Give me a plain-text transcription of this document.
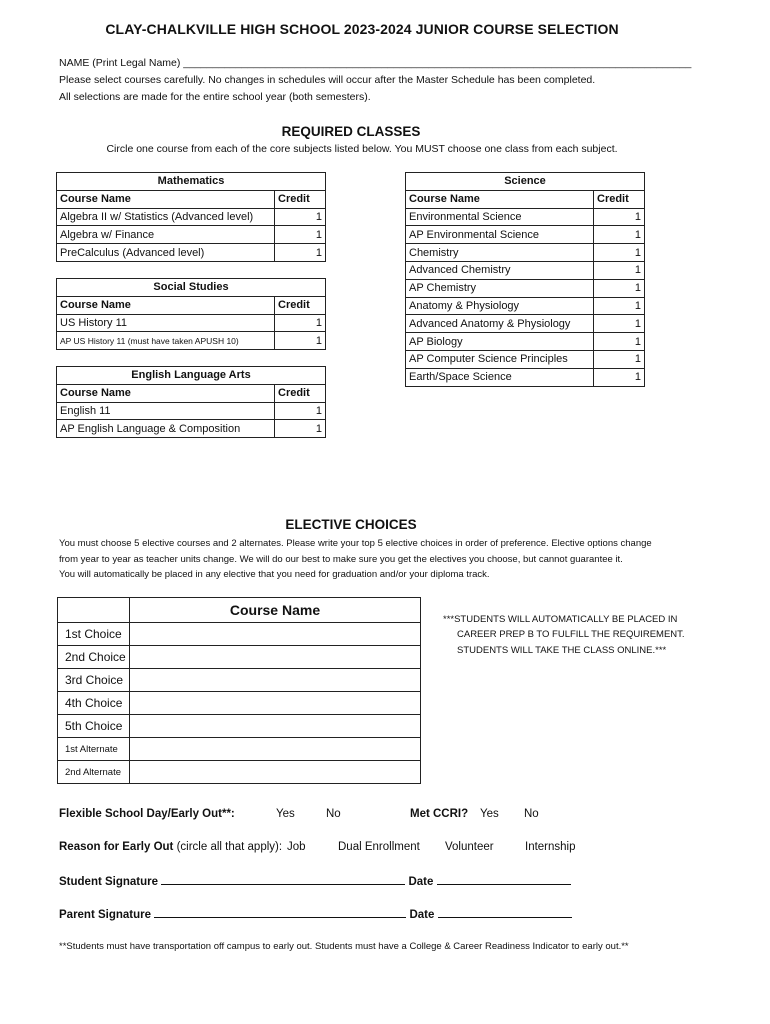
CLAY-CHALKVILLE HIGH SCHOOL 2023-2024 JUNIOR COURSE SELECTION
NAME (Print Legal Name) _______________________________________________________________________________________
Please select courses carefully. No changes in schedules will occur after the Master Schedule has been completed.
All selections are made for the entire school year (both semesters).
REQUIRED CLASSES
Circle one course from each of the core subjects listed below. You MUST choose one class from each subject.
Mathematics	
Course Name	Credit
Algebra II w/ Statistics (Advanced level)	1
Algebra w/ Finance	1
PreCalculus (Advanced level)	1
Social Studies	
Course Name	Credit
US History 11	1
AP US History 11 (must have taken APUSH 10)	1
English Language Arts	
Course Name	Credit
English 11	1
AP English Language & Composition	1
Science	
Course Name	Credit
Environmental Science	1
AP Environmental Science	1
Chemistry	1
Advanced Chemistry	1
AP Chemistry	1
Anatomy & Physiology	1
Advanced Anatomy & Physiology	1
AP Biology	1
AP Computer Science Principles	1
Earth/Space Science	1
ELECTIVE CHOICES
You must choose 5 elective courses and 2 alternates. Please write your top 5 elective choices in order of preference. Elective options change
from year to year as teacher units change. We will do our best to make sure you get the electives you choose, but cannot guarantee it.
You will automatically be placed in any elective that you need for graduation and/or your diploma track.
	Course Name
1st Choice	
2nd Choice	
3rd Choice	
4th Choice	
5th Choice	
1st Alternate	
2nd Alternate	
***STUDENTS WILL AUTOMATICALLY BE PLACED IN
CAREER PREP B TO FULFILL THE REQUIREMENT.
STUDENTS WILL TAKE THE CLASS ONLINE.***
Flexible School Day/Early Out**:	Yes	No	Met CCRI? Yes No
Reason for Early Out (circle all that apply): Job	Dual Enrollment Volunteer	Internship
Student Signature	Date
Parent Signature	Date
**Students must have transportation off campus to early out. Students must have a College & Career Readiness Indicator to early out.**
